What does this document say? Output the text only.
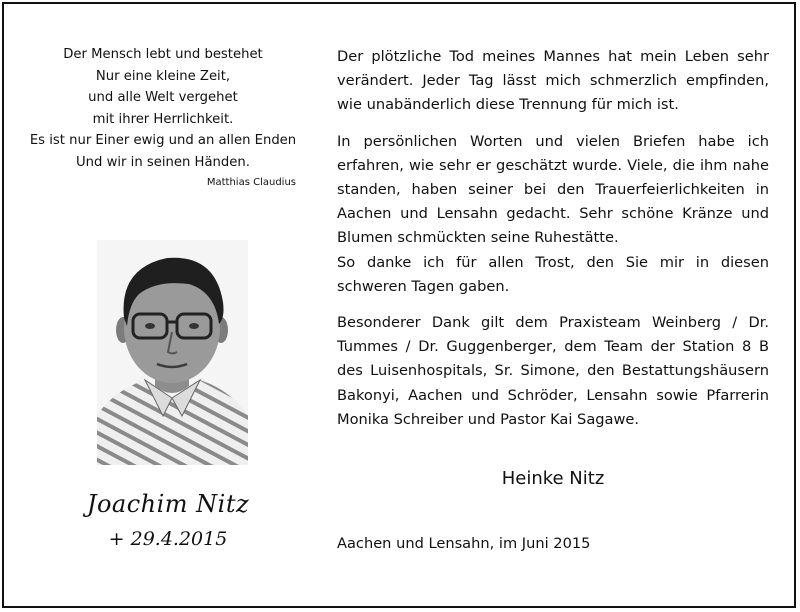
Der Mensch lebt und bestehet
Nur eine kleine Zeit,
und alle Welt vergehet
mit ihrer Herrlichkeit.
Es ist nur Einer ewig und an allen Enden
Und wir in seinen Händen.
Matthias Claudius
Joachim Nitz
+ 29.4.2015

Der plötzliche Tod meines Mannes hat mein Leben sehr verändert. Jeder Tag lässt mich schmerzlich empfinden, wie unabänderlich diese Trennung für mich ist.

In persönlichen Worten und vielen Briefen habe ich erfahren, wie sehr er geschätzt wurde. Viele, die ihm nahe standen, haben seiner bei den Trauerfeierlichkeiten in Aachen und Lensahn gedacht. Sehr schöne Kränze und Blumen schmückten seine Ruhestätte.

So danke ich für allen Trost, den Sie mir in diesen schweren Tagen gaben.

Besonderer Dank gilt dem Praxisteam Weinberg / Dr. Tummes / Dr. Guggenberger, dem Team der Station 8 B des Luisenhospitals, Sr. Simone, den Bestattungshäusern Bakonyi, Aachen und Schröder, Lensahn sowie Pfarrerin Monika Schreiber und Pastor Kai Sagawe.

Heinke Nitz
Aachen und Lensahn, im Juni 2015
